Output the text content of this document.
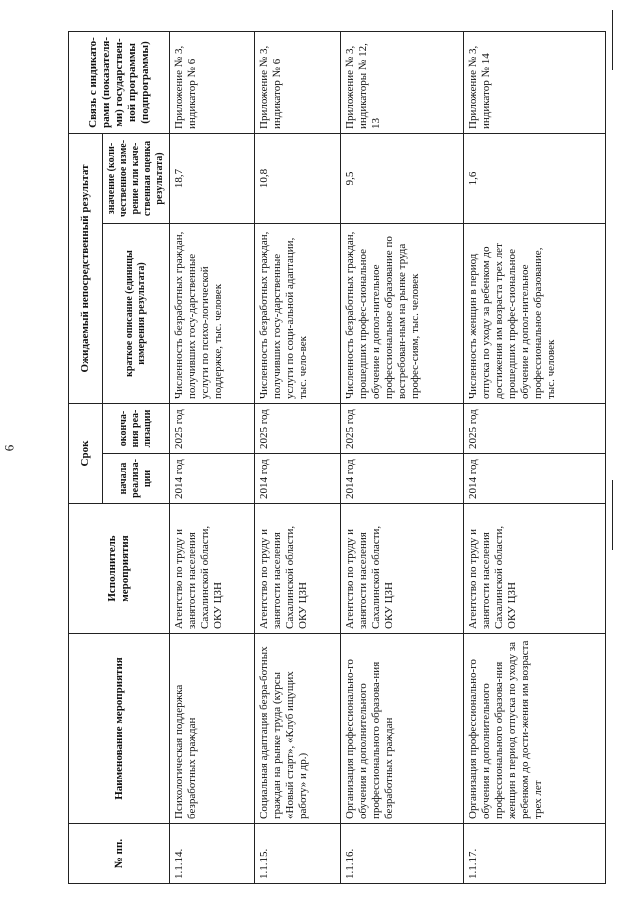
6
№ пп.	Наименование мероприятия	Исполнитель мероприятия	Срок		Ожидаемый непосредственный результат		Связь с индикато-рами (показателя-ми) государствен-ной программы (подпрограммы)
			начала реализа-ции	оконча-ния реа-лизации	краткое описание (единицы измерения результата)	значение (коли-чественное изме-рение или каче-ственная оценка результата)	
1.1.14.	Психологическая поддержка безработных граждан	Агентство по труду и занятости населения Сахалинской области, ОКУ ЦЗН	2014 год	2025 год	Численность безработных граждан, получивших госу-дарственные услуги по психо-логической поддержке, тыс. человек	18,7	Приложение № 3, индикатор № 6
1.1.15.	Социальная адаптация безра-ботных граждан на рынке труда (курсы «Новый старт», «Клуб ищущих работу» и др.)	Агентство по труду и занятости населения Сахалинской области, ОКУ ЦЗН	2014 год	2025 год	Численность безработных граждан, получивших госу-дарственные услуги по соци-альной адаптации, тыс. чело-век	10,8	Приложение № 3, индикатор № 6
1.1.16.	Организация профессионально-го обучения и дополнительного профессионального образова-ния безработных граждан	Агентство по труду и занятости населения Сахалинской области, ОКУ ЦЗН	2014 год	2025 год	Численность безработных граждан, прошедших профес-сиональное обучение и допол-нительное профессиональное образование по востребован-ным на рынке труда профес-сиям, тыс. человек	9,5	Приложение № 3, индикаторы № 12, 13
1.1.17.	Организация профессионально-го обучения и дополнительного профессионального образова-ния женщин в период отпуска по уходу за ребенком до дости-жения им возраста трех лет	Агентство по труду и занятости населения Сахалинской области, ОКУ ЦЗН	2014 год	2025 год	Численность женщин в период отпуска по уходу за ребенком до достижения им возраста трех лет прошедших профес-сиональное обучение и допол-нительное профессиональное образование, тыс. человек	1,6	Приложение № 3, индикатор № 14
